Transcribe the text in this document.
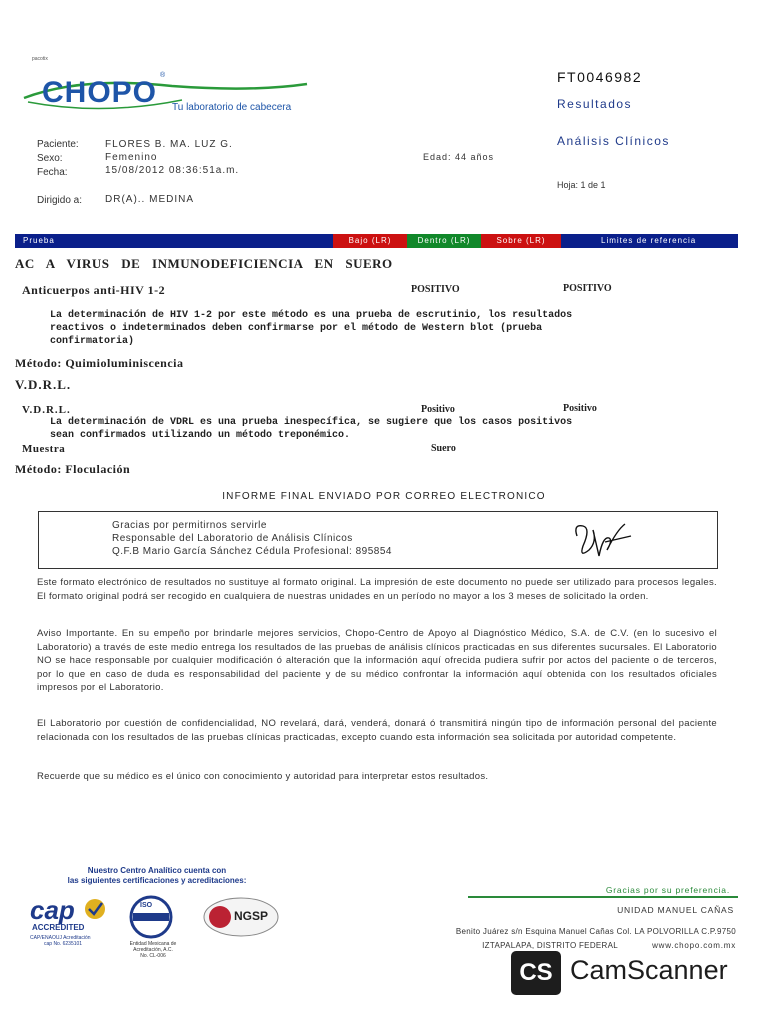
pacotix
CHOPO
®
Tu laboratorio de cabecera
FT0046982
Resultados
Análisis Clínicos
Hoja: 1 de 1
Paciente:	FLORES B. MA. LUZ G.
Sexo:	Femenino	Edad: 44 años
Fecha:	15/08/2012 08:36:51a.m.
Dirigido a: DR(A).. MEDINA
Prueba	Bajo (LR)	Dentro (LR)	Sobre (LR)	Limites de referencia
AC A VIRUS DE INMUNODEFICIENCIA EN SUERO
Anticuerpos anti-HIV 1-2	POSITIVO	POSITIVO
La determinación de HIV 1-2 por este método es una prueba de escrutinio, los resultados
reactivos o indeterminados deben confirmarse por el método de Western blot (prueba
confirmatoria)
Método: Quimioluminiscencia
V.D.R.L.
V.D.R.L.	Positivo	Positivo
La determinación de VDRL es una prueba inespecífica, se sugiere que los casos positivos
sean confirmados utilizando un método treponémico.
Muestra	Suero
Método: Floculación
INFORME FINAL ENVIADO POR CORREO ELECTRONICO
Gracias por permitirnos servirle
Responsable del Laboratorio de Análisis Clínicos
Q.F.B Mario García Sánchez Cédula Profesional: 895854
Este formato electrónico de resultados no sustituye al formato original. La impresión de este documento no puede ser utilizado para procesos legales. El formato original podrá ser recogido en cualquiera de nuestras unidades en un período no mayor a los 3 meses de solicitado la orden.
Aviso Importante. En su empeño por brindarle mejores servicios, Chopo-Centro de Apoyo al Diagnóstico Médico, S.A. de C.V. (en lo sucesivo el Laboratorio) a través de este medio entrega los resultados de las pruebas de análisis clínicos practicadas en sus diferentes sucursales. El Laboratorio NO se hace responsable por cualquier modificación ó alteración que la información aquí ofrecida pudiera sufrir por actos del paciente o de terceros, por lo que en caso de duda es responsabilidad del paciente y de su médico confrontar la información aquí obtenida con los resultados oficiales impresos por el Laboratorio.
El Laboratorio por cuestión de confidencialidad, NO revelará, dará, venderá, donará ó transmitirá ningún tipo de información personal del paciente relacionada con los resultados de las pruebas clínicas practicadas, excepto cuando esta información sea solicitada por autoridad competente.
Recuerde que su médico es el único con conocimiento y autoridad para interpretar estos resultados.
Nuestro Centro Analítico cuenta con
las siguientes certificaciones y acreditaciones:
cap
ACCREDITED
CAP/ENAOUJ Acreditación
cap No. 6235101
ISO
Entidad Mexicana de
Acreditación, A.C.
No. CL-006
NGSP
Gracias por su preferencia.
UNIDAD MANUEL CAÑAS
Benito Juárez s/n Esquina Manuel Cañas Col. LA POLVORILLA C.P.9750
IZTAPALAPA, DISTRITO FEDERAL	www.chopo.com.mx
CS CamScanner
